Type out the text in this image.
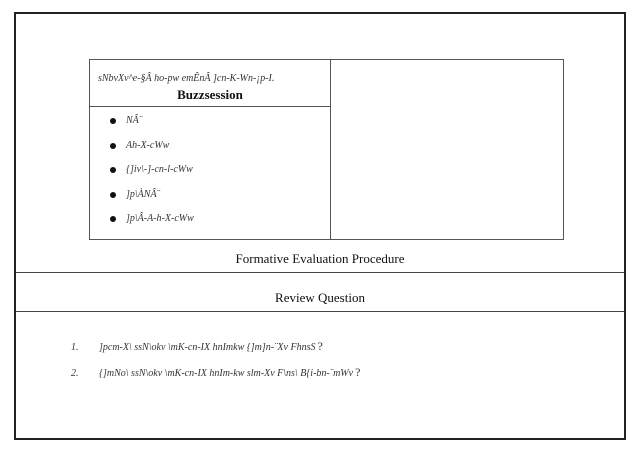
sNbvXv^e-§Â ho-pw emÊnÂ ]cn-K-Wn-¡p-I.
Buzzsession
NÂ¨
Ah-X-cWw
{]iv\-]-cn-l-cWw
]p\ÀNÂ¨
]p\Â-A-h-X-cWw
Formative Evaluation Procedure
Review Question
1. ]pcm-X\ ssN\okv \mK-cn-IX hnImkw {]m]n-¨Xv FhnsS ?
2. {]mNo\ ssN\okv \mK-cn-IX hnIm-kw slm-Xv F\ns\ B{i-bn-¨mWv ?
